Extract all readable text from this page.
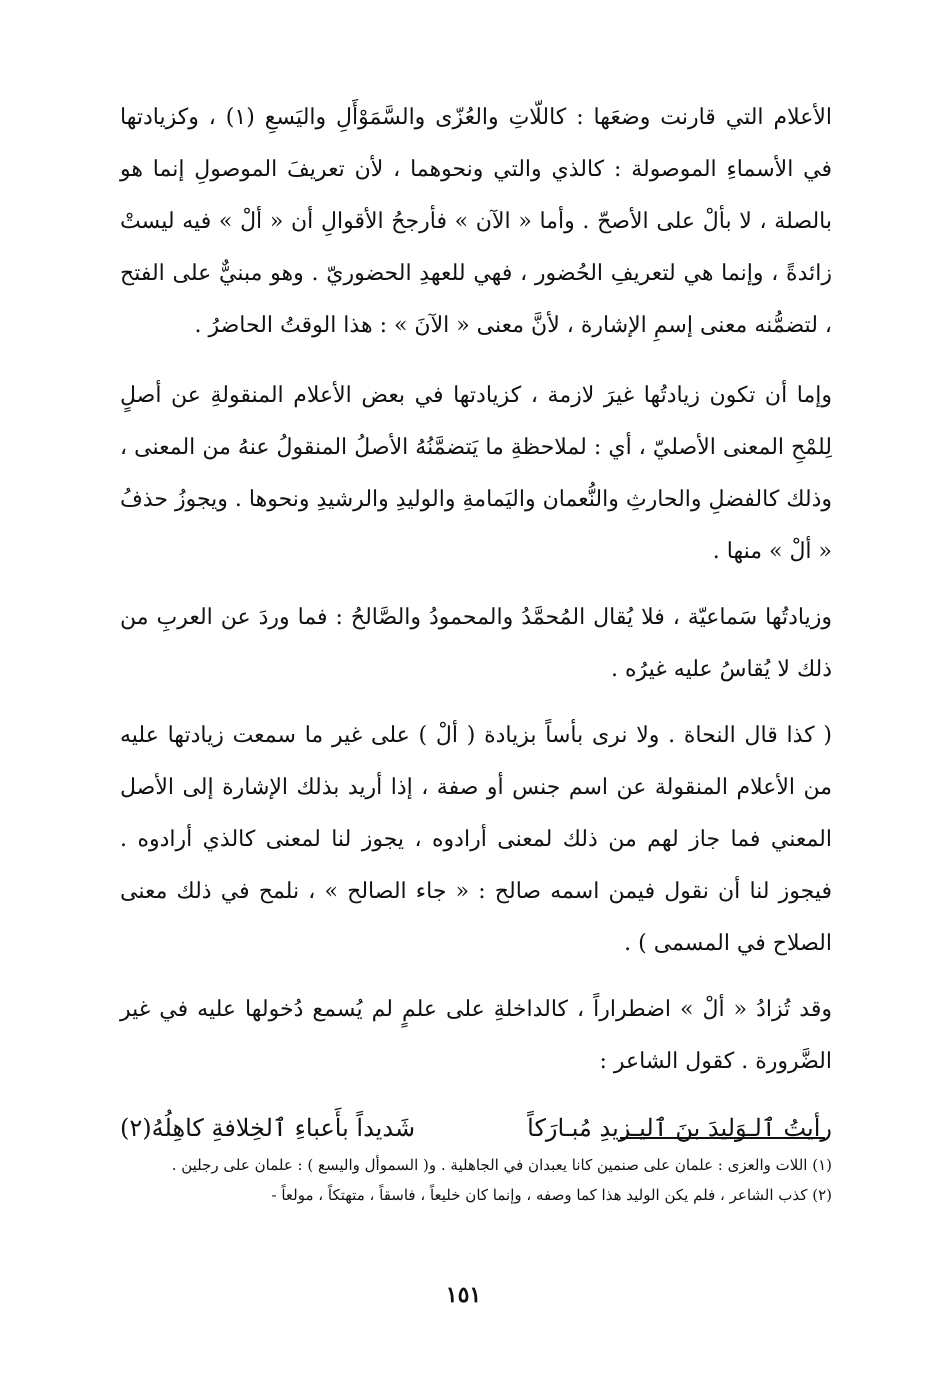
الأعلام التي قارنت وضعَها : كاللّاتِ والعُزّى والسَّمَوْأَلِ واليَسعِ (١) ، وكزيادتها في الأسماءِ الموصولة : كالذي والتي ونحوهما ، لأن تعريفَ الموصولِ إنما هو بالصلة ، لا بألْ على الأصحّ . وأما « الآن » فأرجحُ الأقوالِ أن « ألْ » فيه ليستْ زائدةً ، وإنما هي لتعريفِ الحُضور ، فهي للعهدِ الحضوريّ . وهو مبنيٌّ على الفتح ، لتضمُّنه معنى إسمِ الإشارة ، لأنَّ معنى « الآنَ » : هذا الوقتُ الحاضرُ .

وإما أن تكون زيادتُها غيرَ لازمة ، كزيادتها في بعض الأعلام المنقولةِ عن أصلٍ لِلمْحِ المعنى الأصليّ ، أي : لملاحظةِ ما يَتضمَّنُهُ الأصلُ المنقولُ عنهُ من المعنى ، وذلك كالفضلِ والحارثِ والنُّعمان واليَمامةِ والوليدِ والرشيدِ ونحوها . ويجوزُ حذفُ « ألْ » منها .

وزيادتُها سَماعيّة ، فلا يُقال المُحمَّدُ والمحمودُ والصَّالحُ : فما وردَ عن العربِ من ذلك لا يُقاسُ عليه غيرُه .

( كذا قال النحاة . ولا نرى بأساً بزيادة ( ألْ ) على غير ما سمعت زيادتها عليه من الأعلام المنقولة عن اسم جنس أو صفة ، إذا أريد بذلك الإشارة إلى الأصل المعني فما جاز لهم من ذلك لمعنى أرادوه ، يجوز لنا لمعنى كالذي أرادوه . فيجوز لنا أن نقول فيمن اسمه صالح : « جاء الصالح » ، نلمح في ذلك معنى الصلاح في المسمى ) .

وقد تُزادُ « ألْ » اضطراراً ، كالداخلةِ على علمٍ لم يُسمع دُخولها عليه في غير الضَّرورة . كقول الشاعر :

رأيتُ ٱلـوَليدَ بنَ ٱليـزيدِ مُبـارَكاً
شَديداً بأَعباءِ ٱلخِلافةِ كاهِلُهُ(٢)

(١) اللات والعزى : علمان على صنمين كانا يعبدان في الجاهلية . و( السموأل واليسع ) : علمان على رجلين .

(٢) كذب الشاعر ، فلم يكن الوليد هذا كما وصفه ، وإنما كان خليعاً ، فاسقاً ، متهتكاً ، مولعاً -

١٥١
